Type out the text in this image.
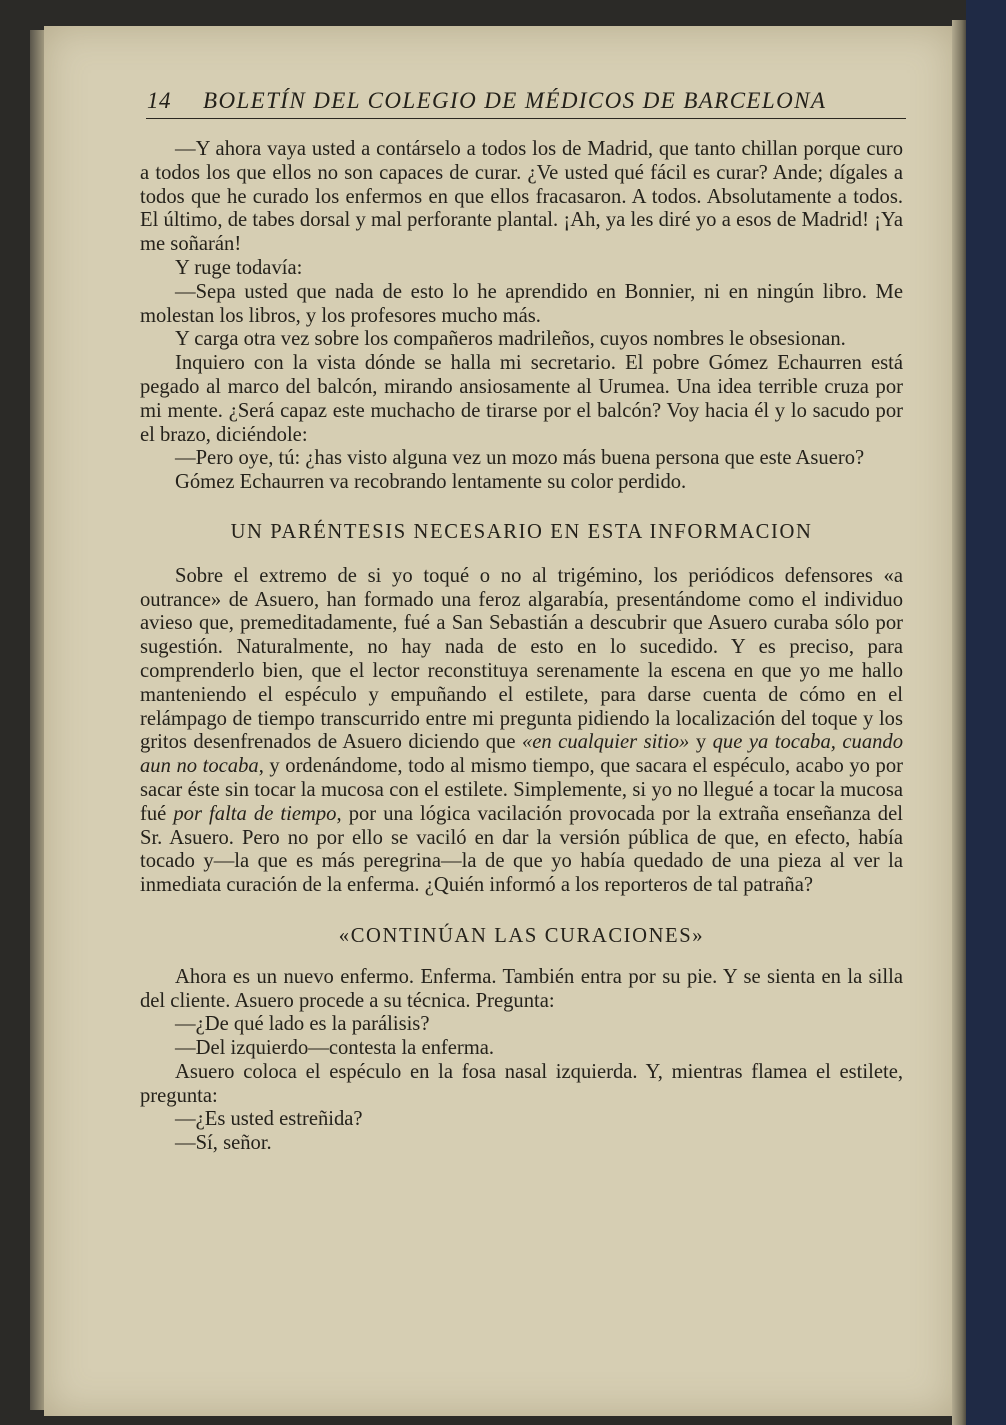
14 BOLETÍN DEL COLEGIO DE MÉDICOS DE BARCELONA

—Y ahora vaya usted a contárselo a todos los de Madrid, que tanto chillan porque curo a todos los que ellos no son capaces de curar. ¿Ve usted qué fácil es curar? Ande; dígales a todos que he curado los enfermos en que ellos fracasaron. A todos. Absolutamente a todos. El último, de tabes dorsal y mal perforante plantal. ¡Ah, ya les diré yo a esos de Madrid! ¡Ya me soñarán!

Y ruge todavía:

—Sepa usted que nada de esto lo he aprendido en Bonnier, ni en ningún libro. Me molestan los libros, y los profesores mucho más.

Y carga otra vez sobre los compañeros madrileños, cuyos nombres le obsesionan.

Inquiero con la vista dónde se halla mi secretario. El pobre Gómez Echaurren está pegado al marco del balcón, mirando ansiosamente al Urumea. Una idea terrible cruza por mi mente. ¿Será capaz este muchacho de tirarse por el balcón? Voy hacia él y lo sacudo por el brazo, diciéndole:

—Pero oye, tú: ¿has visto alguna vez un mozo más buena persona que este Asuero?

Gómez Echaurren va recobrando lentamente su color perdido.

UN PARÉNTESIS NECESARIO EN ESTA INFORMACION

Sobre el extremo de si yo toqué o no al trigémino, los periódicos defensores «a outrance» de Asuero, han formado una feroz algarabía, presentándome como el individuo avieso que, premeditadamente, fué a San Sebastián a descubrir que Asuero curaba sólo por sugestión. Naturalmente, no hay nada de esto en lo sucedido. Y es preciso, para comprenderlo bien, que el lector reconstituya serenamente la escena en que yo me hallo manteniendo el espéculo y empuñando el estilete, para darse cuenta de cómo en el relámpago de tiempo transcurrido entre mi pregunta pidiendo la localización del toque y los gritos desenfrenados de Asuero diciendo que «en cualquier sitio» y que ya tocaba, cuando aun no tocaba, y ordenándome, todo al mismo tiempo, que sacara el espéculo, acabo yo por sacar éste sin tocar la mucosa con el estilete. Simplemente, si yo no llegué a tocar la mucosa fué por falta de tiempo, por una lógica vacilación provocada por la extraña enseñanza del Sr. Asuero. Pero no por ello se vaciló en dar la versión pública de que, en efecto, había tocado y—la que es más peregrina—la de que yo había quedado de una pieza al ver la inmediata curación de la enferma. ¿Quién informó a los reporteros de tal patraña?

«CONTINÚAN LAS CURACIONES»

Ahora es un nuevo enfermo. Enferma. También entra por su pie. Y se sienta en la silla del cliente. Asuero procede a su técnica. Pregunta:

—¿De qué lado es la parálisis?

—Del izquierdo—contesta la enferma.

Asuero coloca el espéculo en la fosa nasal izquierda. Y, mientras flamea el estilete, pregunta:

—¿Es usted estreñida?

—Sí, señor.
